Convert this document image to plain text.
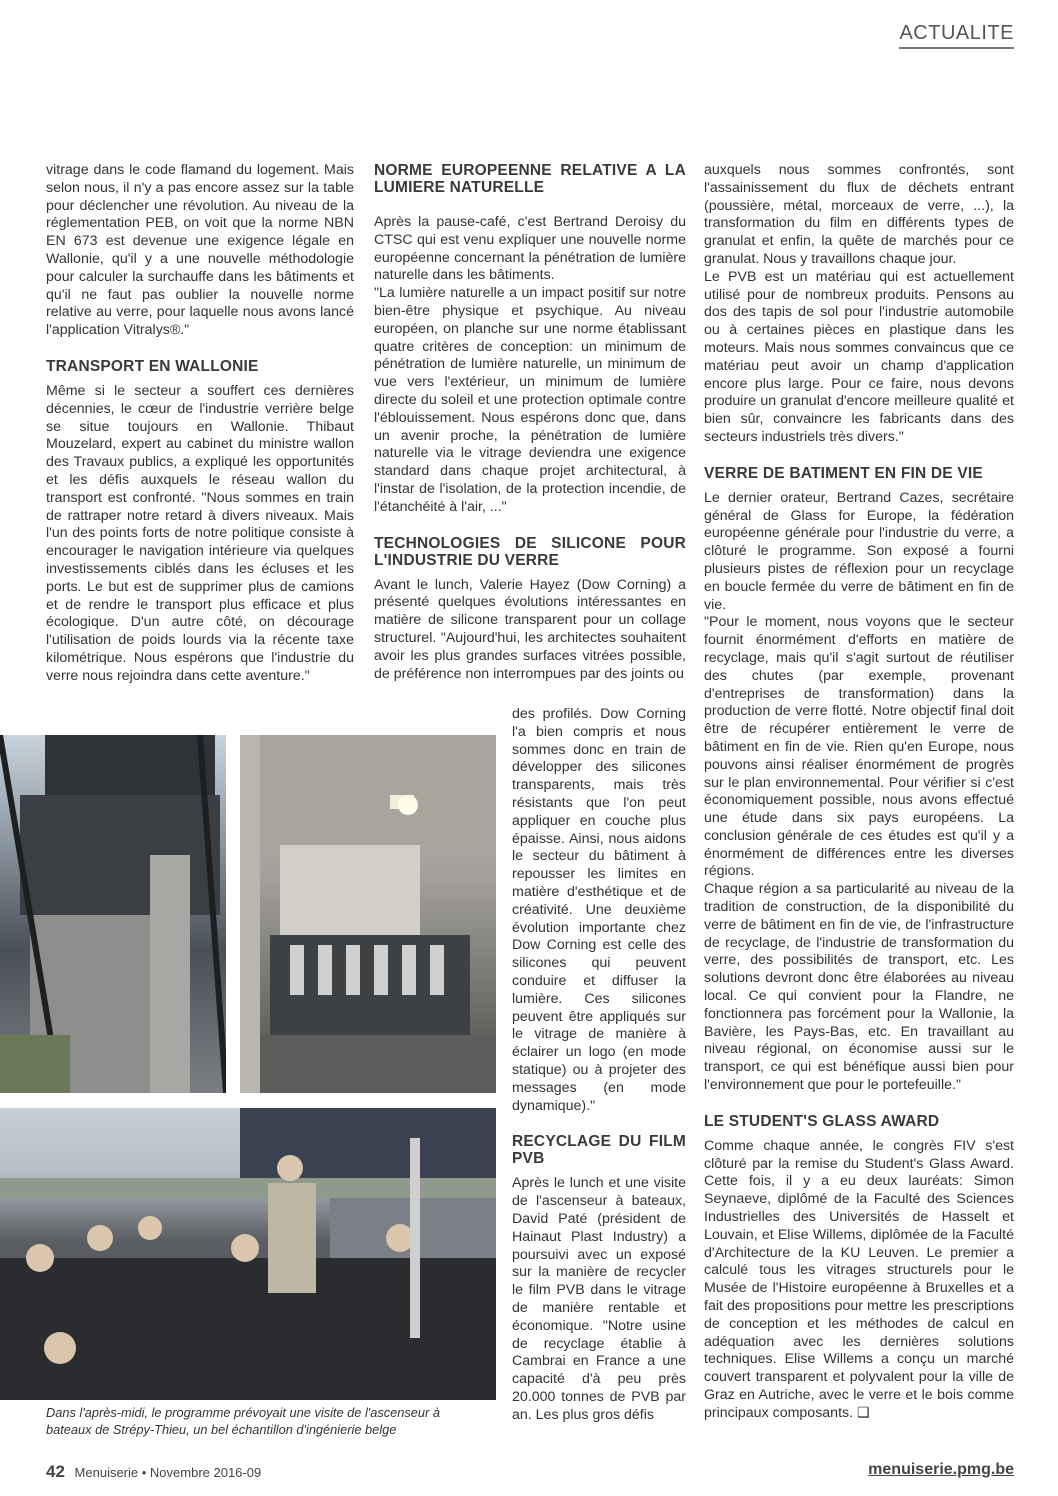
ACTUALITE

vitrage dans le code flamand du logement. Mais selon nous, il n'y a pas encore assez sur la table pour déclencher une révolution. Au niveau de la réglementation PEB, on voit que la norme NBN EN 673 est devenue une exigence légale en Wallonie, qu'il y a une nouvelle méthodologie pour calculer la surchauffe dans les bâtiments et qu'il ne faut pas oublier la nouvelle norme relative au verre, pour laquelle nous avons lancé l'application Vitralys®."

TRANSPORT EN WALLONIE

Même si le secteur a souffert ces dernières décennies, le cœur de l'industrie verrière belge se situe toujours en Wallonie. Thibaut Mouzelard, expert au cabinet du ministre wallon des Travaux publics, a expliqué les opportunités et les défis auxquels le réseau wallon du transport est confronté. "Nous sommes en train de rattraper notre retard à divers niveaux. Mais l'un des points forts de notre politique consiste à encourager le navigation intérieure via quelques investissements ciblés dans les écluses et les ports. Le but est de supprimer plus de camions et de rendre le transport plus efficace et plus écologique. D'un autre côté, on décourage l'utilisation de poids lourds via la récente taxe kilométrique. Nous espérons que l'industrie du verre nous rejoindra dans cette aventure."

NORME EUROPEENNE RELATIVE A LA LUMIERE NATURELLE

Après la pause-café, c'est Bertrand Deroisy du CTSC qui est venu expliquer une nouvelle norme européenne concernant la pénétration de lumière naturelle dans les bâtiments.

"La lumière naturelle a un impact positif sur notre bien-être physique et psychique. Au niveau européen, on planche sur une norme établissant quatre critères de conception: un minimum de pénétration de lumière naturelle, un minimum de vue vers l'extérieur, un minimum de lumière directe du soleil et une protection optimale contre l'éblouissement. Nous espérons donc que, dans un avenir proche, la pénétration de lumière naturelle via le vitrage deviendra une exigence standard dans chaque projet architectural, à l'instar de l'isolation, de la protection incendie, de l'étanchéité à l'air, ..."

TECHNOLOGIES DE SILICONE POUR L'INDUSTRIE DU VERRE

Avant le lunch, Valerie Hayez (Dow Corning) a présenté quelques évolutions intéressantes en matière de silicone transparent pour un collage structurel. "Aujourd'hui, les architectes souhaitent avoir les plus grandes surfaces vitrées possible, de préférence non interrompues par des joints ou

des profilés. Dow Corning l'a bien compris et nous sommes donc en train de développer des silicones transparents, mais très résistants que l'on peut appliquer en couche plus épaisse. Ainsi, nous aidons le secteur du bâtiment à repousser les limites en matière d'esthétique et de créativité. Une deuxième évolution importante chez Dow Corning est celle des silicones qui peuvent conduire et diffuser la lumière. Ces silicones peuvent être appliqués sur le vitrage de manière à éclairer un logo (en mode statique) ou à projeter des messages (en mode dynamique)."

RECYCLAGE DU FILM PVB

Après le lunch et une visite de l'ascenseur à bateaux, David Paté (président de Hainaut Plast Industry) a poursuivi avec un exposé sur la manière de recycler le film PVB dans le vitrage de manière rentable et économique. "Notre usine de recyclage établie à Cambrai en France a une capacité d'à peu près 20.000 tonnes de PVB par an. Les plus gros défis

auxquels nous sommes confrontés, sont l'assainissement du flux de déchets entrant (poussière, métal, morceaux de verre, ...), la transformation du film en différents types de granulat et enfin, la quête de marchés pour ce granulat. Nous y travaillons chaque jour.

Le PVB est un matériau qui est actuellement utilisé pour de nombreux produits. Pensons au dos des tapis de sol pour l'industrie automobile ou à certaines pièces en plastique dans les moteurs. Mais nous sommes convaincus que ce matériau peut avoir un champ d'application encore plus large. Pour ce faire, nous devons produire un granulat d'encore meilleure qualité et bien sûr, convaincre les fabricants dans des secteurs industriels très divers."

VERRE DE BATIMENT EN FIN DE VIE

Le dernier orateur, Bertrand Cazes, secrétaire général de Glass for Europe, la fédération européenne générale pour l'industrie du verre, a clôturé le programme. Son exposé a fourni plusieurs pistes de réflexion pour un recyclage en boucle fermée du verre de bâtiment en fin de vie.

"Pour le moment, nous voyons que le secteur fournit énormément d'efforts en matière de recyclage, mais qu'il s'agit surtout de réutiliser des chutes (par exemple, provenant d'entreprises de transformation) dans la production de verre flotté. Notre objectif final doit être de récupérer entièrement le verre de bâtiment en fin de vie. Rien qu'en Europe, nous pouvons ainsi réaliser énormément de progrès sur le plan environnemental. Pour vérifier si c'est économiquement possible, nous avons effectué une étude dans six pays européens. La conclusion générale de ces études est qu'il y a énormément de différences entre les diverses régions.

Chaque région a sa particularité au niveau de la tradition de construction, de la disponibilité du verre de bâtiment en fin de vie, de l'infrastructure de recyclage, de l'industrie de transformation du verre, des possibilités de transport, etc. Les solutions devront donc être élaborées au niveau local. Ce qui convient pour la Flandre, ne fonctionnera pas forcément pour la Wallonie, la Bavière, les Pays-Bas, etc. En travaillant au niveau régional, on économise aussi sur le transport, ce qui est bénéfique aussi bien pour l'environnement que pour le portefeuille."

LE STUDENT'S GLASS AWARD

Comme chaque année, le congrès FIV s'est clôturé par la remise du Student's Glass Award. Cette fois, il y a eu deux lauréats: Simon Seynaeve, diplômé de la Faculté des Sciences Industrielles des Universités de Hasselt et Louvain, et Elise Willems, diplômée de la Faculté d'Architecture de la KU Leuven. Le premier a calculé tous les vitrages structurels pour le Musée de l'Histoire européenne à Bruxelles et a fait des propositions pour mettre les prescriptions de conception et les méthodes de calcul en adéquation avec les dernières solutions techniques. Elise Willems a conçu un marché couvert transparent et polyvalent pour la ville de Graz en Autriche, avec le verre et le bois comme principaux composants. ❑

Dans l'après-midi, le programme prévoyait une visite de l'ascenseur à bateaux de Strépy-Thieu, un bel échantillon d'ingénierie belge
42 Menuiserie • Novembre 2016-09	menuiserie.pmg.be
